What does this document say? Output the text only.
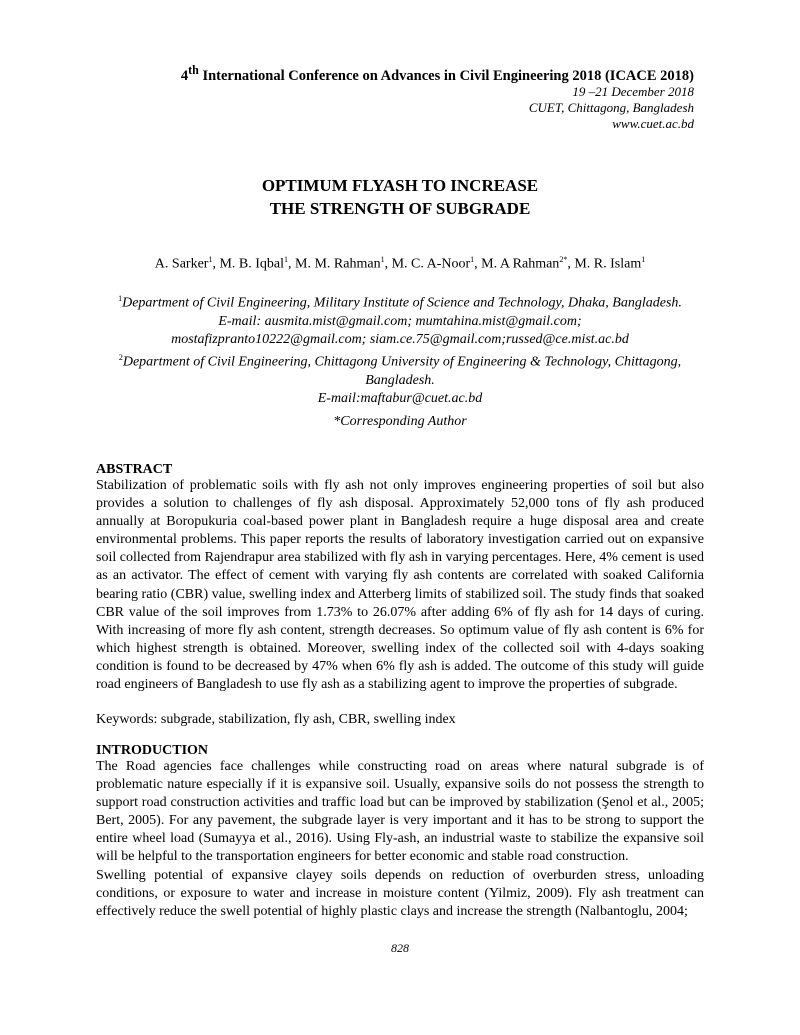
4th International Conference on Advances in Civil Engineering 2018 (ICACE 2018)
19 –21 December 2018
CUET, Chittagong, Bangladesh
www.cuet.ac.bd
OPTIMUM FLYASH TO INCREASE
THE STRENGTH OF SUBGRADE
A. Sarker$^1$, M. B. Iqbal$^1$, M. M. Rahman$^1$, M. C. A-Noor$^1$, M. A Rahman$^{2*}$, M. R. Islam$^1$
$^1$Department of Civil Engineering, Military Institute of Science and Technology, Dhaka, Bangladesh.
E-mail: ausmita.mist@gmail.com; mumtahina.mist@gmail.com;
mostafizpranto10222@gmail.com; siam.ce.75@gmail.com;russed@ce.mist.ac.bd
$^2$Department of Civil Engineering, Chittagong University of Engineering & Technology, Chittagong, Bangladesh.
E-mail:maftabur@cuet.ac.bd
*Corresponding Author
ABSTRACT

Stabilization of problematic soils with fly ash not only improves engineering properties of soil but also provides a solution to challenges of fly ash disposal. Approximately 52,000 tons of fly ash produced annually at Boropukuria coal-based power plant in Bangladesh require a huge disposal area and create environmental problems. This paper reports the results of laboratory investigation carried out on expansive soil collected from Rajendrapur area stabilized with fly ash in varying percentages. Here, 4% cement is used as an activator. The effect of cement with varying fly ash contents are correlated with soaked California bearing ratio (CBR) value, swelling index and Atterberg limits of stabilized soil. The study finds that soaked CBR value of the soil improves from 1.73% to 26.07% after adding 6% of fly ash for 14 days of curing. With increasing of more fly ash content, strength decreases. So optimum value of fly ash content is 6% for which highest strength is obtained. Moreover, swelling index of the collected soil with 4-days soaking condition is found to be decreased by 47% when 6% fly ash is added. The outcome of this study will guide road engineers of Bangladesh to use fly ash as a stabilizing agent to improve the properties of subgrade.

Keywords: subgrade, stabilization, fly ash, CBR, swelling index

INTRODUCTION

The Road agencies face challenges while constructing road on areas where natural subgrade is of problematic nature especially if it is expansive soil. Usually, expansive soils do not possess the strength to support road construction activities and traffic load but can be improved by stabilization (Şenol et al., 2005; Bert, 2005). For any pavement, the subgrade layer is very important and it has to be strong to support the entire wheel load (Sumayya et al., 2016). Using Fly-ash, an industrial waste to stabilize the expansive soil will be helpful to the transportation engineers for better economic and stable road construction.

Swelling potential of expansive clayey soils depends on reduction of overburden stress, unloading conditions, or exposure to water and increase in moisture content (Yilmiz, 2009). Fly ash treatment can effectively reduce the swell potential of highly plastic clays and increase the strength (Nalbantoglu, 2004;

828
